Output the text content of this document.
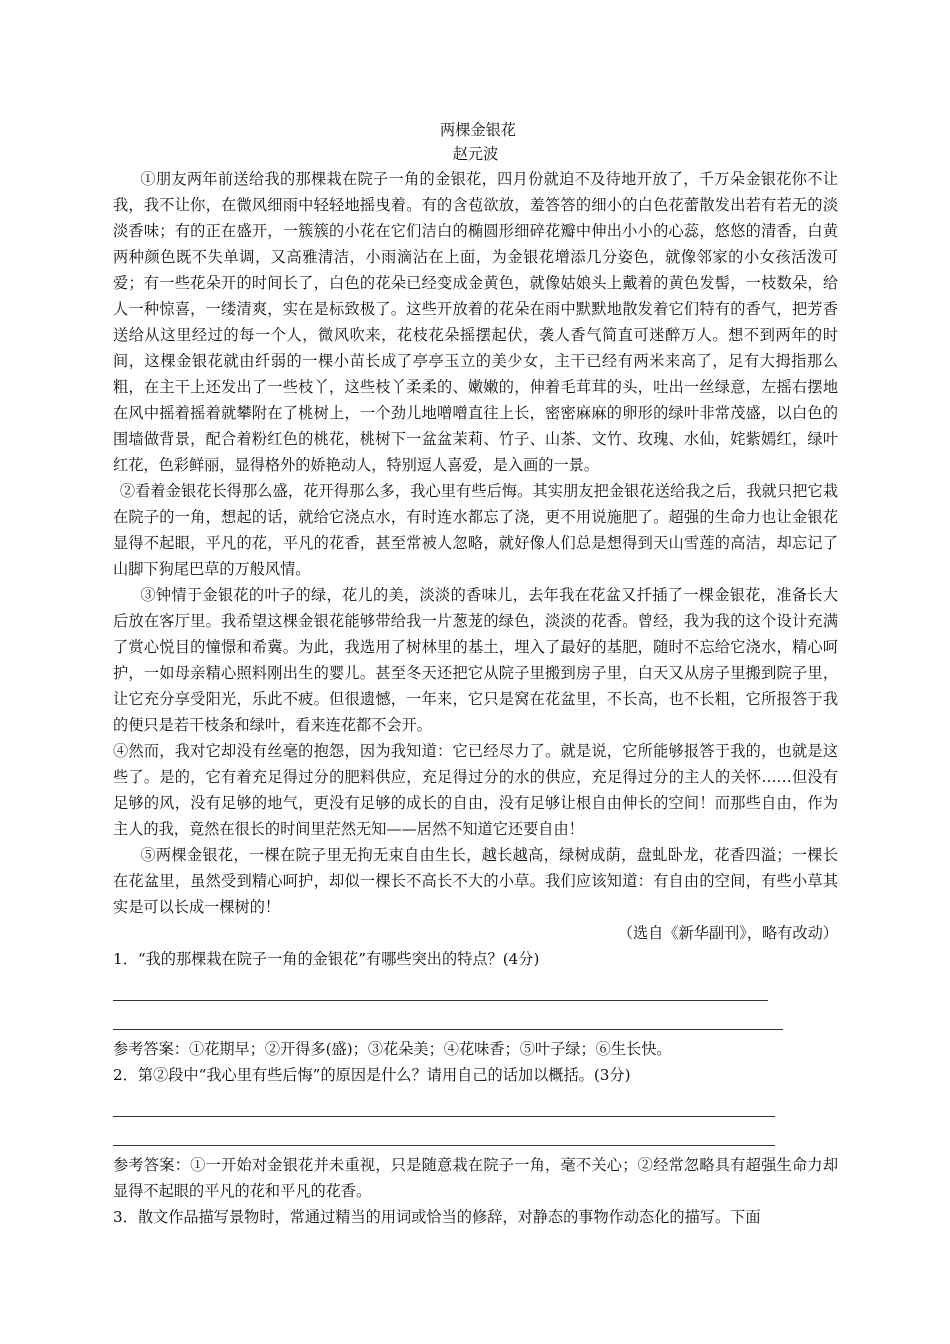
两棵金银花
赵元波

①朋友两年前送给我的那棵栽在院子一角的金银花，四月份就迫不及待地开放了，千万朵金银花你不让我，我不让你，在微风细雨中轻轻地摇曳着。有的含苞欲放，羞答答的细小的白色花蕾散发出若有若无的淡淡香味；有的正在盛开，一簇簇的小花在它们洁白的椭圆形细碎花瓣中伸出小小的心蕊，悠悠的清香，白黄两种颜色既不失单调，又高雅清洁，小雨滴沾在上面，为金银花增添几分姿色，就像邻家的小女孩活泼可爱；有一些花朵开的时间长了，白色的花朵已经变成金黄色，就像姑娘头上戴着的黄色发髻，一枝数朵，给人一种惊喜，一缕清爽，实在是标致极了。这些开放着的花朵在雨中默默地散发着它们特有的香气，把芳香送给从这里经过的每一个人，微风吹来，花枝花朵摇摆起伏，袭人香气简直可迷醉万人。想不到两年的时间，这棵金银花就由纤弱的一棵小苗长成了亭亭玉立的美少女，主干已经有两米来高了，足有大拇指那么粗，在主干上还发出了一些枝丫，这些枝丫柔柔的、嫩嫩的，伸着毛茸茸的头，吐出一丝绿意，左摇右摆地在风中摇着摇着就攀附在了桃树上，一个劲儿地噌噌直往上长，密密麻麻的卵形的绿叶非常茂盛，以白色的围墙做背景，配合着粉红色的桃花，桃树下一盆盆茉莉、竹子、山茶、文竹、玫瑰、水仙，姹紫嫣红，绿叶红花，色彩鲜丽，显得格外的娇艳动人，特别逗人喜爱，是入画的一景。

②看着金银花长得那么盛，花开得那么多，我心里有些后悔。其实朋友把金银花送给我之后，我就只把它栽在院子的一角，想起的话，就给它浇点水，有时连水都忘了浇，更不用说施肥了。超强的生命力也让金银花显得不起眼，平凡的花，平凡的花香，甚至常被人忽略，就好像人们总是想得到天山雪莲的高洁，却忘记了山脚下狗尾巴草的万般风情。

③钟情于金银花的叶子的绿，花儿的美，淡淡的香味儿，去年我在花盆又扦插了一棵金银花，准备长大后放在客厅里。我希望这棵金银花能够带给我一片葱茏的绿色，淡淡的花香。曾经，我为我的这个设计充满了赏心悦目的憧憬和希冀。为此，我选用了树林里的基土，埋入了最好的基肥，随时不忘给它浇水，精心呵护，一如母亲精心照料刚出生的婴儿。甚至冬天还把它从院子里搬到房子里，白天又从房子里搬到院子里，让它充分享受阳光，乐此不疲。但很遗憾，一年来，它只是窝在花盆里，不长高，也不长粗，它所报答于我的便只是若干枝条和绿叶，看来连花都不会开。

④然而，我对它却没有丝毫的抱怨，因为我知道：它已经尽力了。就是说，它所能够报答于我的，也就是这些了。是的，它有着充足得过分的肥料供应，充足得过分的水的供应，充足得过分的主人的关怀……但没有足够的风，没有足够的地气，更没有足够的成长的自由，没有足够让根自由伸长的空间！而那些自由，作为主人的我，竟然在很长的时间里茫然无知——居然不知道它还要自由！

⑤两棵金银花，一棵在院子里无拘无束自由生长，越长越高，绿树成荫，盘虬卧龙，花香四溢；一棵长在花盆里，虽然受到精心呵护，却似一棵长不高长不大的小草。我们应该知道：有自由的空间，有些小草其实是可以长成一棵树的！

（选自《新华副刊》，略有改动）

1．“我的那棵栽在院子一角的金银花”有哪些突出的特点？(4分)

参考答案：①花期早；②开得多(盛)；③花朵美；④花味香；⑤叶子绿；⑥生长快。

2．第②段中“我心里有些后悔”的原因是什么？请用自己的话加以概括。(3分)

参考答案：①一开始对金银花并未重视，只是随意栽在院子一角，毫不关心；②经常忽略具有超强生命力却显得不起眼的平凡的花和平凡的花香。

3．散文作品描写景物时，常通过精当的用词或恰当的修辞，对静态的事物作动态化的描写。下面
